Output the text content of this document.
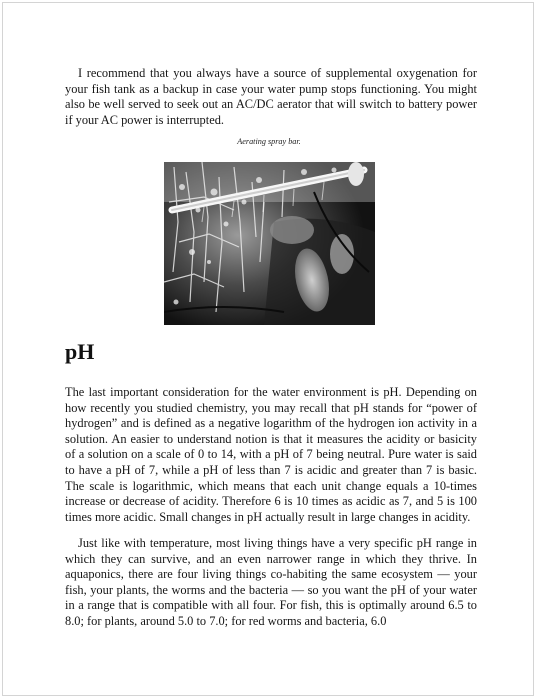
I recommend that you always have a source of supplemental oxygenation for your fish tank as a backup in case your water pump stops functioning. You might also be well served to seek out an AC/DC aerator that will switch to battery power if your AC power is interrupted.

Aerating spray bar.
pH

The last important consideration for the water environment is pH. Depending on how recently you studied chemistry, you may recall that pH stands for “power of hydrogen” and is defined as a negative logarithm of the hydrogen ion activity in a solution. An easier to understand notion is that it measures the acidity or basicity of a solution on a scale of 0 to 14, with a pH of 7 being neutral. Pure water is said to have a pH of 7, while a pH of less than 7 is acidic and greater than 7 is basic. The scale is logarithmic, which means that each unit change equals a 10-times increase or decrease of acidity. Therefore 6 is 10 times as acidic as 7, and 5 is 100 times more acidic. Small changes in pH actually result in large changes in acidity.

Just like with temperature, most living things have a very specific pH range in which they can survive, and an even narrower range in which they thrive. In aquaponics, there are four living things co-habiting the same ecosystem — your fish, your plants, the worms and the bacteria — so you want the pH of your water in a range that is compatible with all four. For fish, this is optimally around 6.5 to 8.0; for plants, around 5.0 to 7.0; for red worms and bacteria, 6.0
